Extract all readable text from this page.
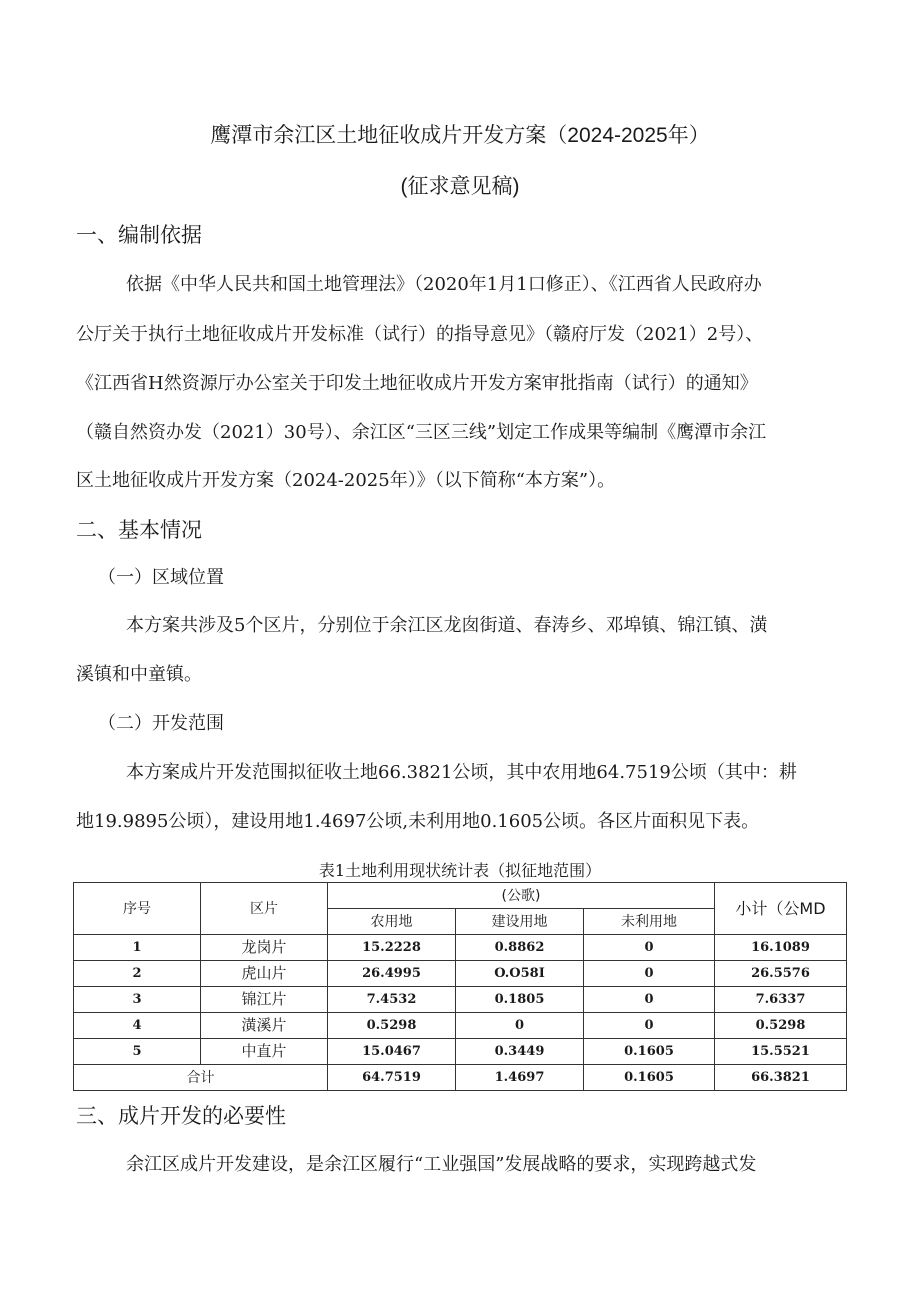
鹰潭市余江区土地征收成片开发方案（2024-2025年）
(征求意见稿)
一、编制依据
依据《中华人民共和国土地管理法》（2020年1月1口修正）、《江西省人民政府办
公厅关于执行土地征收成片开发标准（试行）的指导意见》（赣府厅发（2021）2号）、
《江西省H然资源厅办公室关于印发土地征收成片开发方案审批指南（试行）的通知》
（赣自然资办发（2021）30号）、余江区“三区三线”划定工作成果等编制《鹰潭市余江
区土地征收成片开发方案（2024-2025年）》（以下简称“本方案”）。
二、基本情况
（一）区域位置
本方案共涉及5个区片，分别位于余江区龙囱街道、春涛乡、邓埠镇、锦江镇、潢
溪镇和中童镇。
（二）开发范围
本方案成片开发范围拟征收土地66.3821公顷，其中农用地64.7519公顷（其中：耕
地19.9895公顷），建设用地1.4697公顷,未利用地0.1605公顷。各区片面积见下表。
表1土地利用现状统计表（拟征地范围）
序号	区片	(公歌)			小计（公MD
		农用地	建设用地	未利用地	
1	龙岗片	15.2228	0.8862	0	16.1089
2	虎山片	26.4995	O.O58I	0	26.5576
3	锦江片	7.4532	0.1805	0	7.6337
4	潢溪片	0.5298	0	0	0.5298
5	中直片	15.0467	0.3449	0.1605	15.5521
合计		64.7519	1.4697	0.1605	66.3821
三、成片开发的必要性
余江区成片开发建设，是余江区履行“工业强国”发展战略的要求，实现跨越式发
